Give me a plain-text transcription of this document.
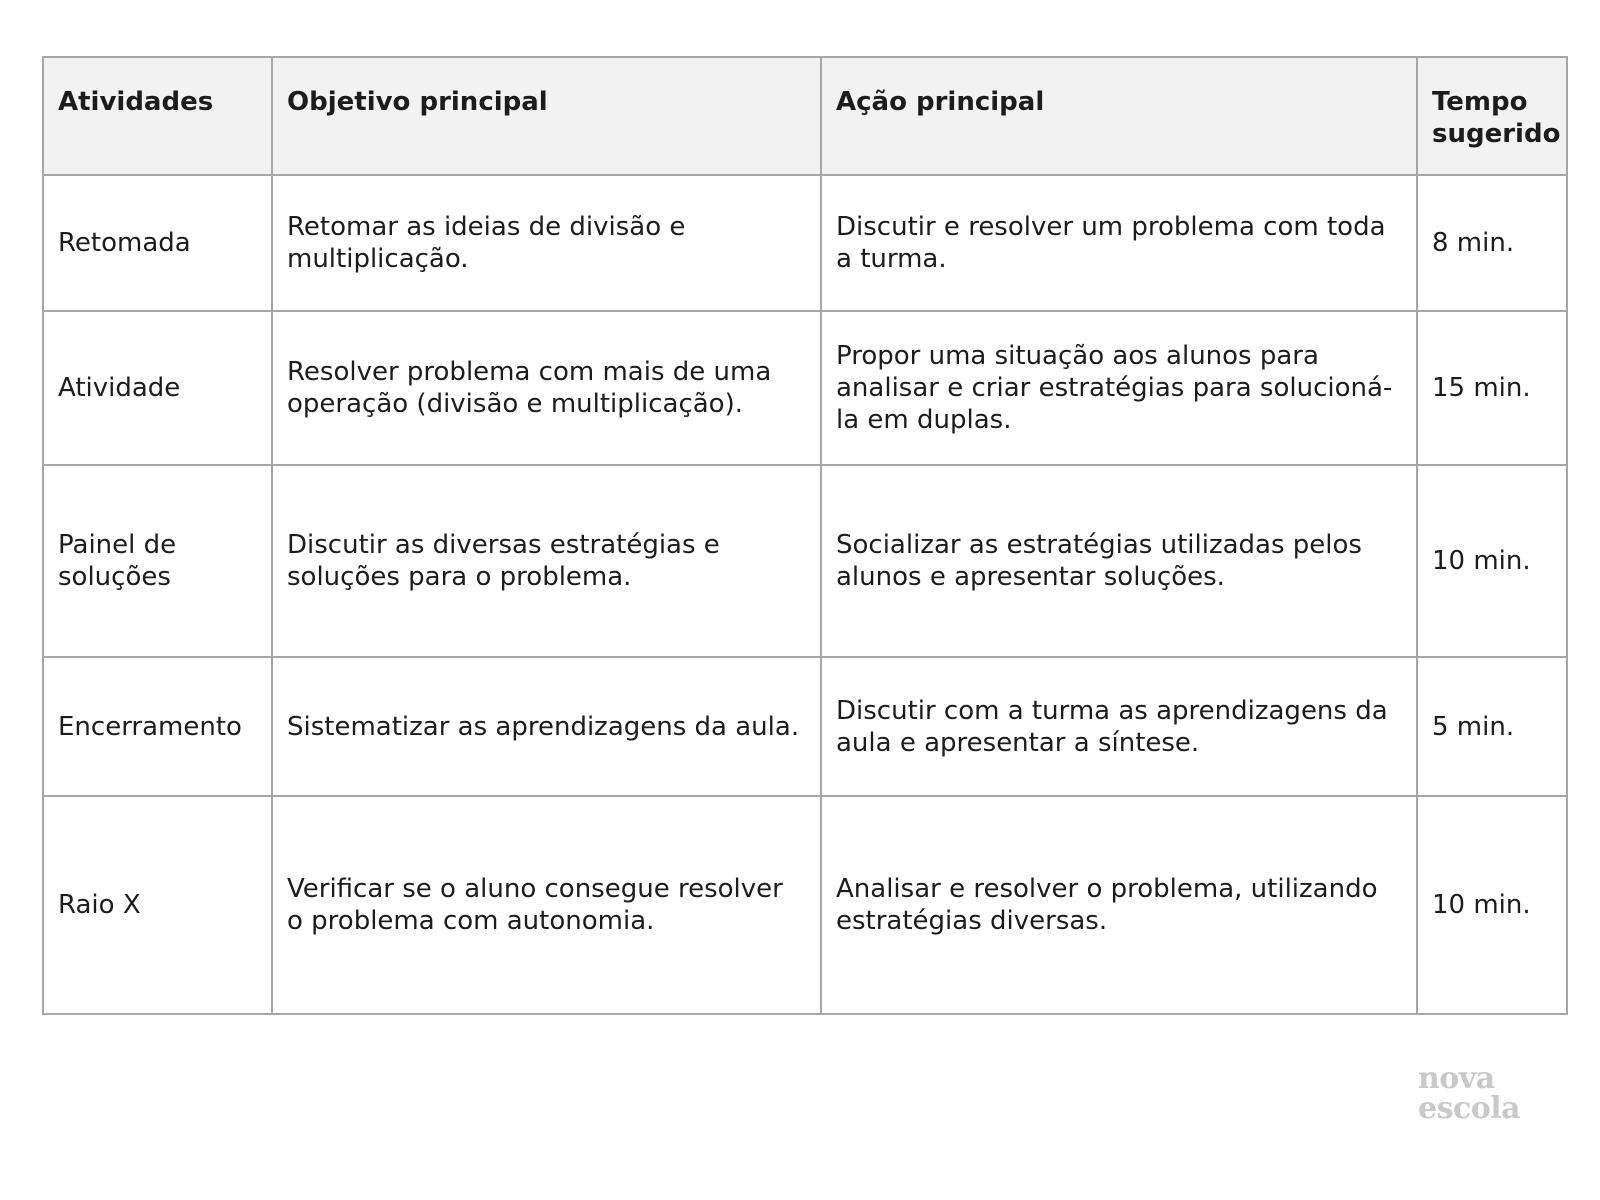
Atividades	Objetivo principal	Ação principal	Tempo sugerido
Retomada	Retomar as ideias de divisão e multiplicação.	Discutir e resolver um problema com toda a turma.	8 min.
Atividade	Resolver problema com mais de uma operação (divisão e multiplicação).	Propor uma situação aos alunos para analisar e criar estratégias para solucioná-la em duplas.	15 min.
Painel de soluções	Discutir as diversas estratégias e soluções para o problema.	Socializar as estratégias utilizadas pelos alunos e apresentar soluções.	10 min.
Encerramento	Sistematizar as aprendizagens da aula.	Discutir com a turma as aprendizagens da aula e apresentar a síntese.	5 min.
Raio X	Verificar se o aluno consegue resolver o problema com autonomia.	Analisar e resolver o problema, utilizando estratégias diversas.	10 min.
nova
escola
